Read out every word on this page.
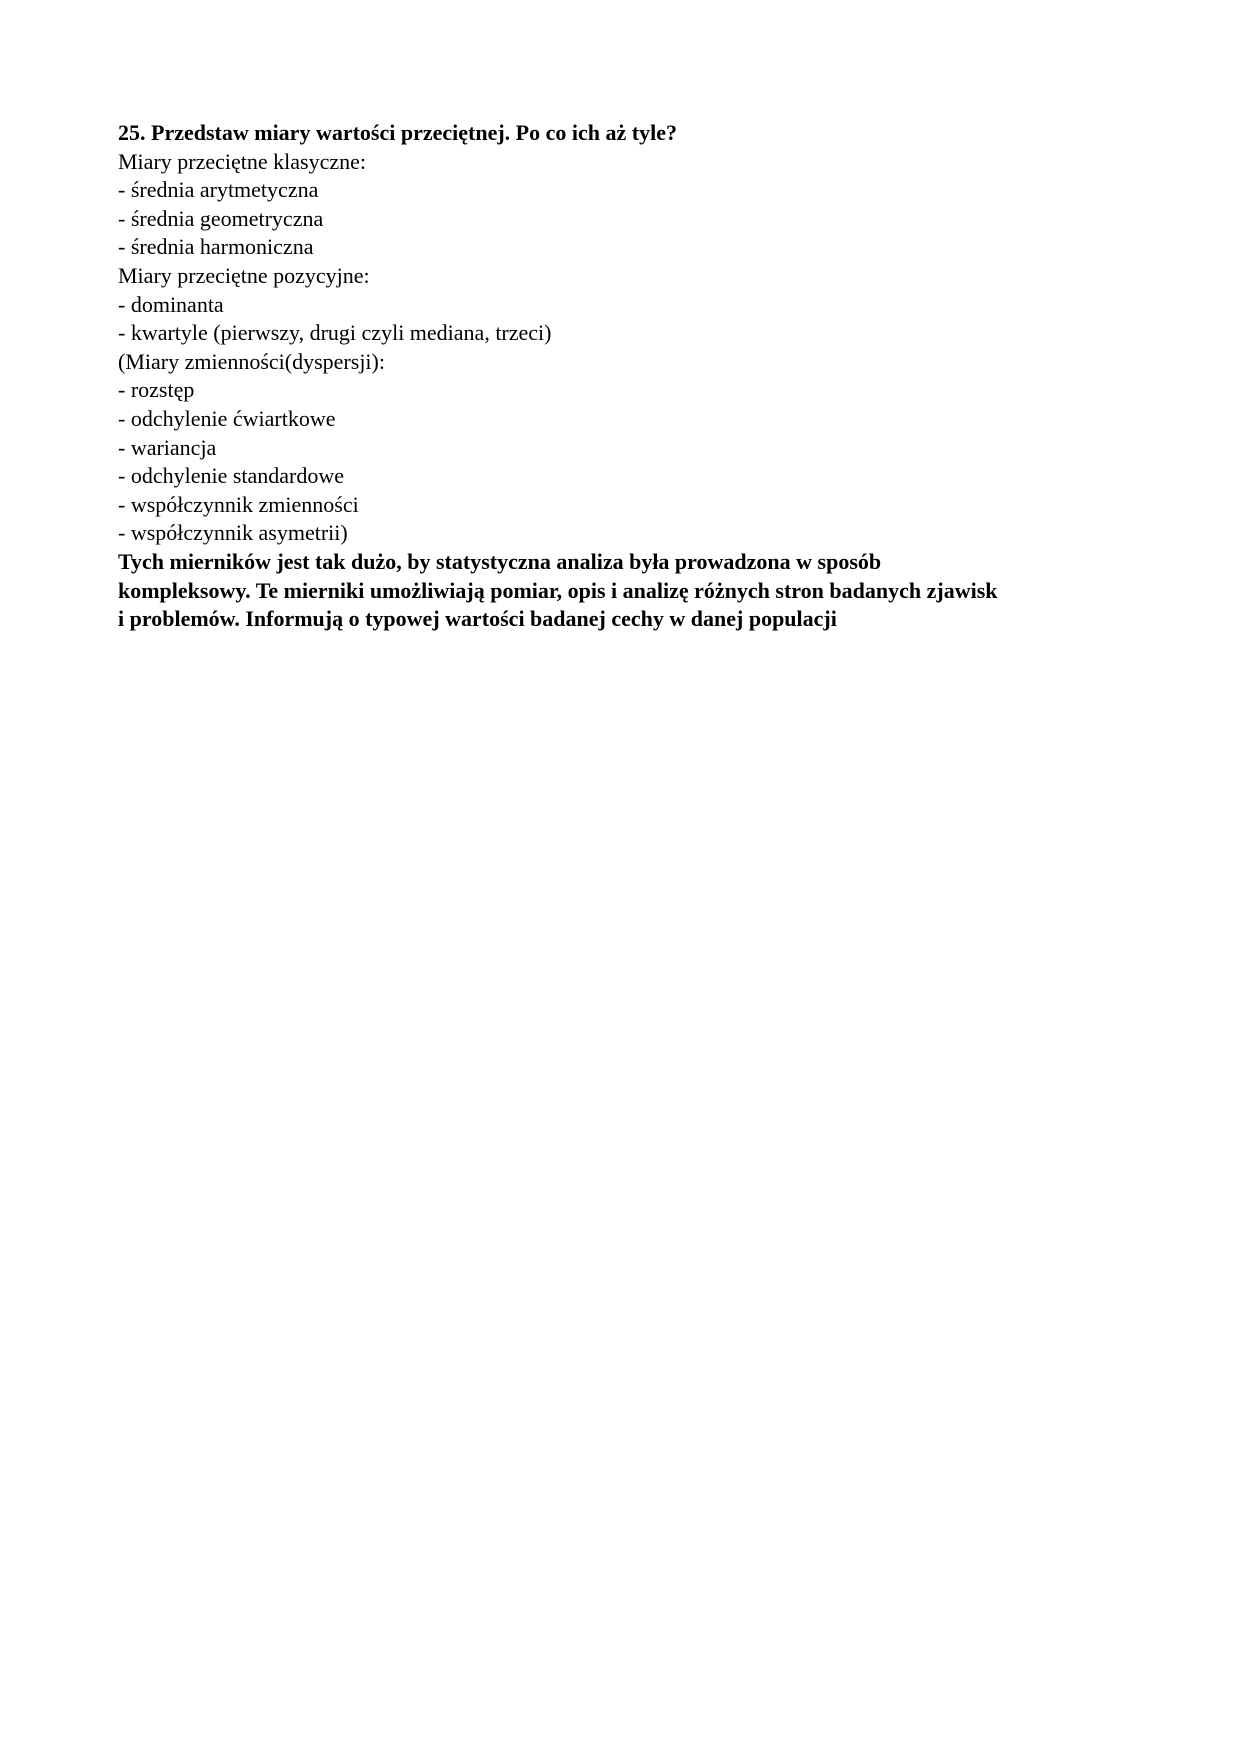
25. Przedstaw miary wartości przeciętnej. Po co ich aż tyle?
Miary przeciętne klasyczne:
- średnia arytmetyczna
- średnia geometryczna
- średnia harmoniczna
Miary przeciętne pozycyjne:
- dominanta
- kwartyle (pierwszy, drugi czyli mediana, trzeci)
(Miary zmienności(dyspersji):
- rozstęp
- odchylenie ćwiartkowe
- wariancja
- odchylenie standardowe
- współczynnik zmienności
- współczynnik asymetrii)
Tych mierników jest tak dużo, by statystyczna analiza była prowadzona w sposób
kompleksowy. Te mierniki umożliwiają pomiar, opis i analizę różnych stron badanych zjawisk
i problemów. Informują o typowej wartości badanej cechy w danej populacji
